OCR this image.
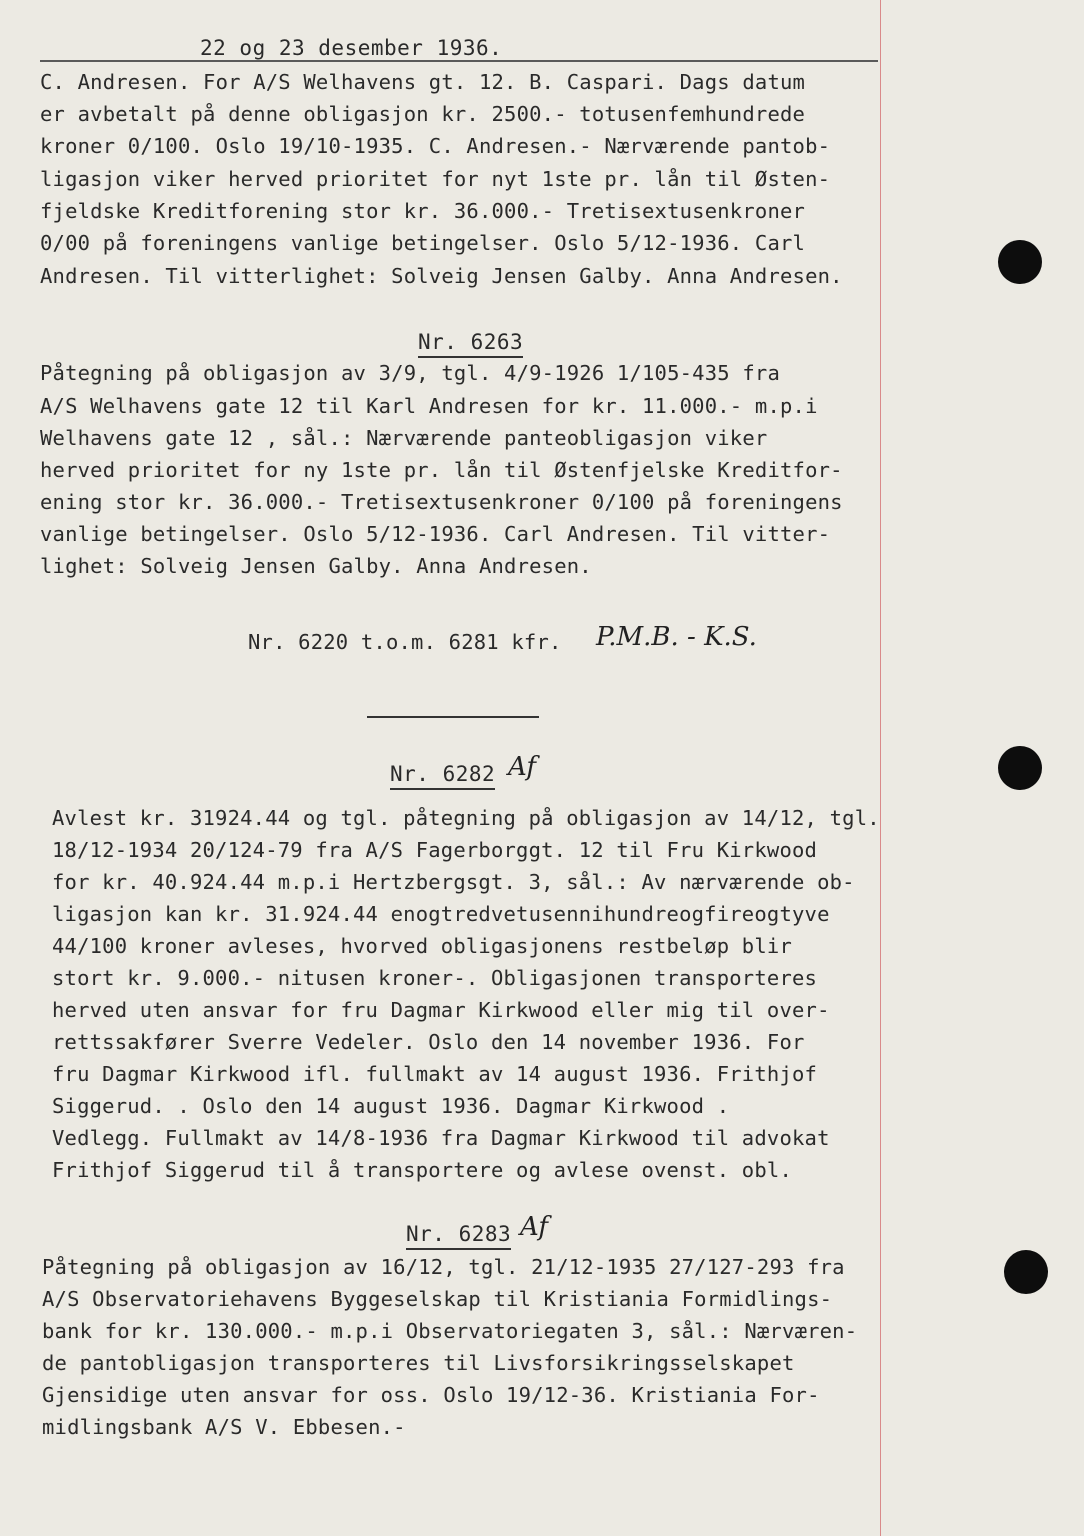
22 og 23 desember 1936.
C. Andresen. For A/S Welhavens gt. 12. B. Caspari. Dags datum
er avbetalt på denne obligasjon kr. 2500.- totusenfemhundrede
kroner 0/100. Oslo 19/10-1935. C. Andresen.- Nærværende pantob-
ligasjon viker herved prioritet for nyt 1ste pr. lån til Østen-
fjeldske Kreditforening stor kr. 36.000.- Tretisextusenkroner
0/00 på foreningens vanlige betingelser. Oslo 5/12-1936. Carl
Andresen. Til vitterlighet: Solveig Jensen Galby. Anna Andresen.
Nr. 6263
Påtegning på obligasjon av 3/9, tgl. 4/9-1926 1/105-435 fra
A/S Welhavens gate 12 til Karl Andresen for kr. 11.000.- m.p.i
Welhavens gate 12 , sål.: Nærværende panteobligasjon viker
herved prioritet for ny 1ste pr. lån til Østenfjelske Kreditfor-
ening stor kr. 36.000.- Tretisextusenkroner 0/100 på foreningens
vanlige betingelser. Oslo 5/12-1936. Carl Andresen. Til vitter-
lighet: Solveig Jensen Galby. Anna Andresen.
Nr. 6220 t.o.m. 6281 kfr. P.M.B. - K.S.
Nr. 6282 Af
Avlest kr. 31924.44 og tgl. påtegning på obligasjon av 14/12, tgl.
18/12-1934 20/124-79 fra A/S Fagerborggt. 12 til Fru Kirkwood
for kr. 40.924.44 m.p.i Hertzbergsgt. 3, sål.: Av nærværende ob-
ligasjon kan kr. 31.924.44 enogtredvetusennihundreogfireogtyve
44/100 kroner avleses, hvorved obligasjonens restbeløp blir
stort kr. 9.000.- nitusen kroner-. Obligasjonen transporteres
herved uten ansvar for fru Dagmar Kirkwood eller mig til over-
rettssakfører Sverre Vedeler. Oslo den 14 november 1936. For
fru Dagmar Kirkwood ifl. fullmakt av 14 august 1936. Frithjof
Siggerud. . Oslo den 14 august 1936. Dagmar Kirkwood .
Vedlegg. Fullmakt av 14/8-1936 fra Dagmar Kirkwood til advokat
Frithjof Siggerud til å transportere og avlese ovenst. obl.
Nr. 6283 Af
Påtegning på obligasjon av 16/12, tgl. 21/12-1935 27/127-293 fra
A/S Observatoriehavens Byggeselskap til Kristiania Formidlings-
bank for kr. 130.000.- m.p.i Observatoriegaten 3, sål.: Nærværen-
de pantobligasjon transporteres til Livsforsikringsselskapet
Gjensidige uten ansvar for oss. Oslo 19/12-36. Kristiania For-
midlingsbank A/S V. Ebbesen.-
